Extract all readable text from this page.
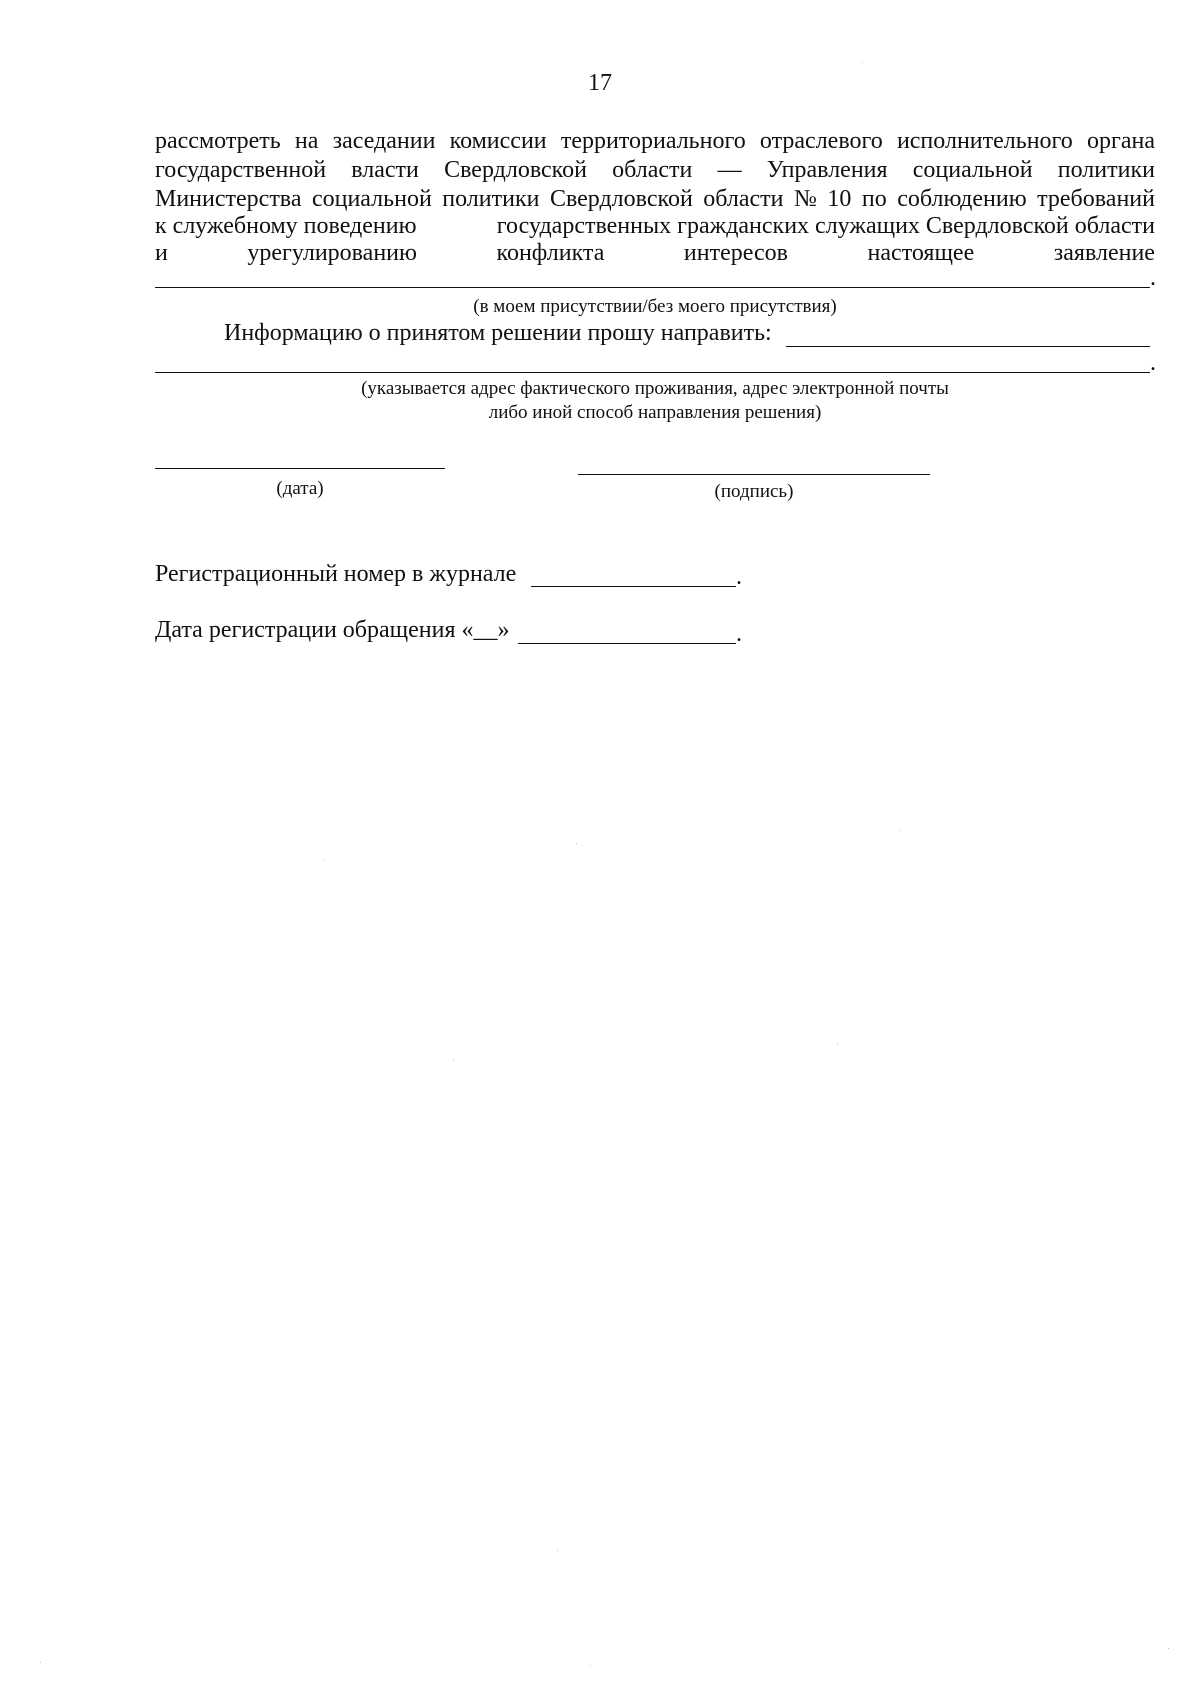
17
рассмотреть на заседании комиссии территориального отраслевого исполнительного органа
государственной власти Свердловской области — Управления социальной политики
Министерства социальной политики Свердловской области № 10 по соблюдению требований
к служебному поведению	государственных гражданских служащих Свердловской области
и	урегулированию	конфликта	интересов	настоящее	заявление
.
(в моем присутствии/без моего присутствия)
Информацию о принятом решении прошу направить:
.
(указывается адрес фактического проживания, адрес электронной почты
либо иной способ направления решения)
(дата)	(подпись)
Регистрационный номер в журнале	.
Дата регистрации обращения «__»	.
